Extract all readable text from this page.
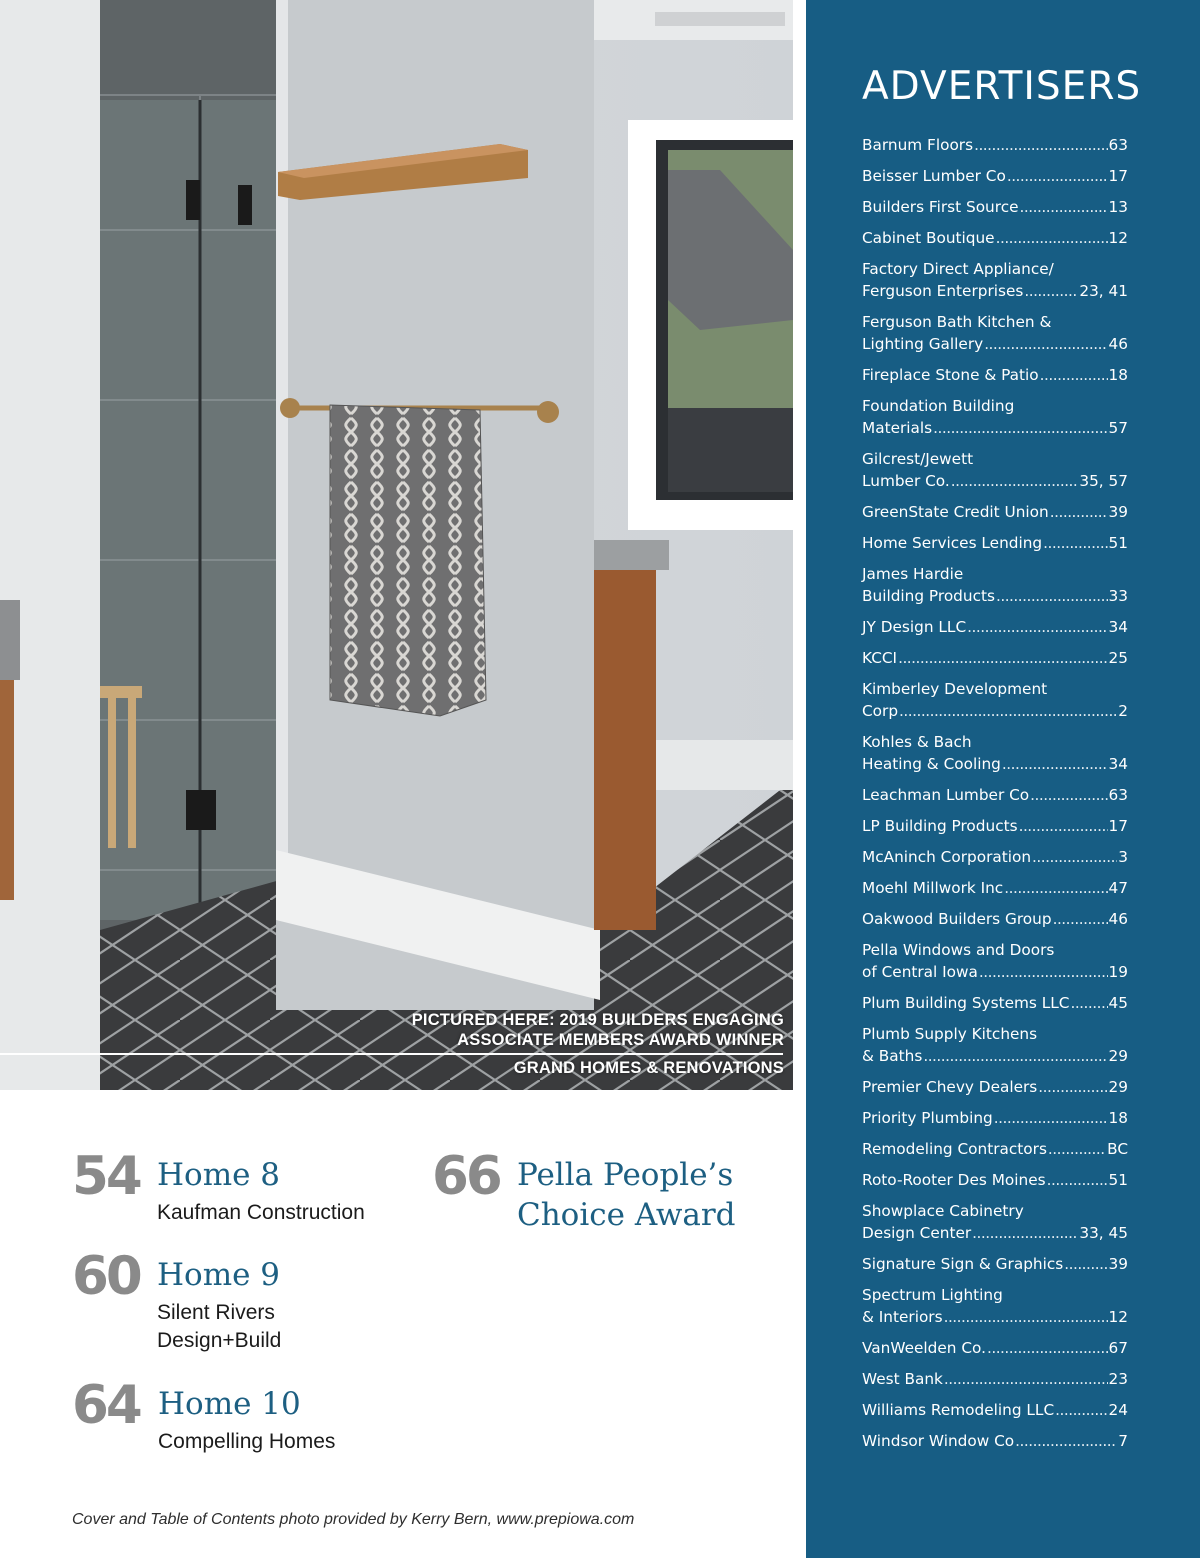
PICTURED HERE: 2019 BUILDERS ENGAGING
ASSOCIATE MEMBERS AWARD WINNER
GRAND HOMES & RENOVATIONS
54 Home 8
Kaufman Construction
60 Home 9
Silent Rivers
Design+Build
64 Home 10
Compelling Homes
66 Pella People’s
Choice Award
Cover and Table of Contents photo provided by Kerry Bern, www.prepiowa.com
ADVERTISERS
Barnum Floors .....	63
Beisser Lumber Co .....	17
Builders First Source .....	13
Cabinet Boutique .....	12
Factory Direct Appliance/
Ferguson Enterprises .....	23, 41
Ferguson Bath Kitchen &
Lighting Gallery .....	46
Fireplace Stone & Patio .....	18
Foundation Building
Materials .....	57
Gilcrest/Jewett
Lumber Co. .....	35, 57
GreenState Credit Union .....	39
Home Services Lending .....	51
James Hardie
Building Products .....	33
JY Design LLC .....	34
KCCI .....	25
Kimberley Development
Corp .....	2
Kohles & Bach
Heating & Cooling .....	34
Leachman Lumber Co .....	63
LP Building Products .....	17
McAninch Corporation .....	3
Moehl Millwork Inc .....	47
Oakwood Builders Group .....	46
Pella Windows and Doors
of Central Iowa .....	19
Plum Building Systems LLC .....	45
Plumb Supply Kitchens
& Baths .....	29
Premier Chevy Dealers .....	29
Priority Plumbing .....	18
Remodeling Contractors .....	BC
Roto-Rooter Des Moines .....	51
Showplace Cabinetry
Design Center .....	33, 45
Signature Sign & Graphics .....	39
Spectrum Lighting
& Interiors .....	12
VanWeelden Co. .....	67
West Bank .....	23
Williams Remodeling LLC .....	24
Windsor Window Co .....	7
